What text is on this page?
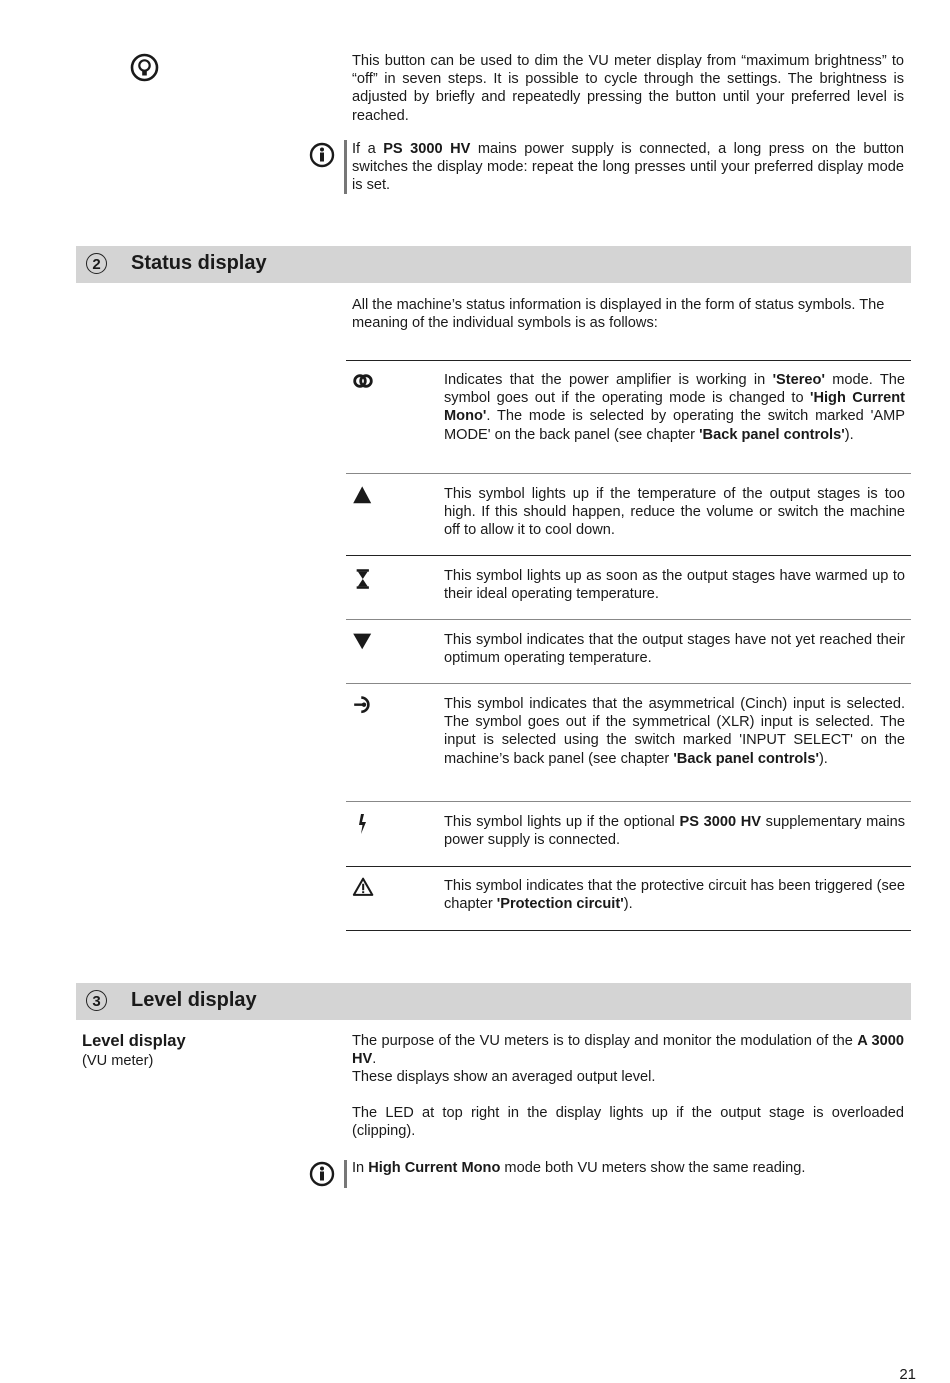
This button can be used to dim the VU meter display from “maximum brightness” to “off” in seven steps. It is possible to cycle through the settings. The brightness is adjusted by briefly and repeatedly pressing the button until your preferred level is reached.

If a PS 3000 HV mains power supply is connected, a long press on the button switches the display mode: repeat the long presses until your preferred display mode is set.

2	Status display

All the machine’s status information is displayed in the form of status symbols. The meaning of the individual symbols is as follows:

Indicates that the power amplifier is working in 'Stereo' mode. The symbol goes out if the operating mode is changed to 'High Current Mono'. The mode is selected by operating the switch marked 'AMP MODE' on the back panel (see chapter 'Back panel controls').

This symbol lights up if the temperature of the output stages is too high. If this should happen, reduce the volume or switch the machine off to allow it to cool down.

This symbol lights up as soon as the output stages have warmed up to their ideal operating temperature.

This symbol indicates that the output stages have not yet reached their optimum operating temperature.

This symbol indicates that the asymmetrical (Cinch) input is selected. The symbol goes out if the symmetrical (XLR) input is selected. The input is selected using the switch marked 'INPUT SELECT' on the machine’s back panel (see chapter 'Back panel controls').

This symbol lights up if the optional PS 3000 HV supplementary mains power supply is connected.

This symbol indicates that the protective circuit has been triggered (see chapter 'Protection circuit').

3	Level display
Level display
(VU meter)

The purpose of the VU meters is to display and monitor the modulation of the A 3000 HV.
These displays show an averaged output level.

The LED at top right in the display lights up if the output stage is overloaded (clipping).

In High Current Mono mode both VU meters show the same reading.

21
